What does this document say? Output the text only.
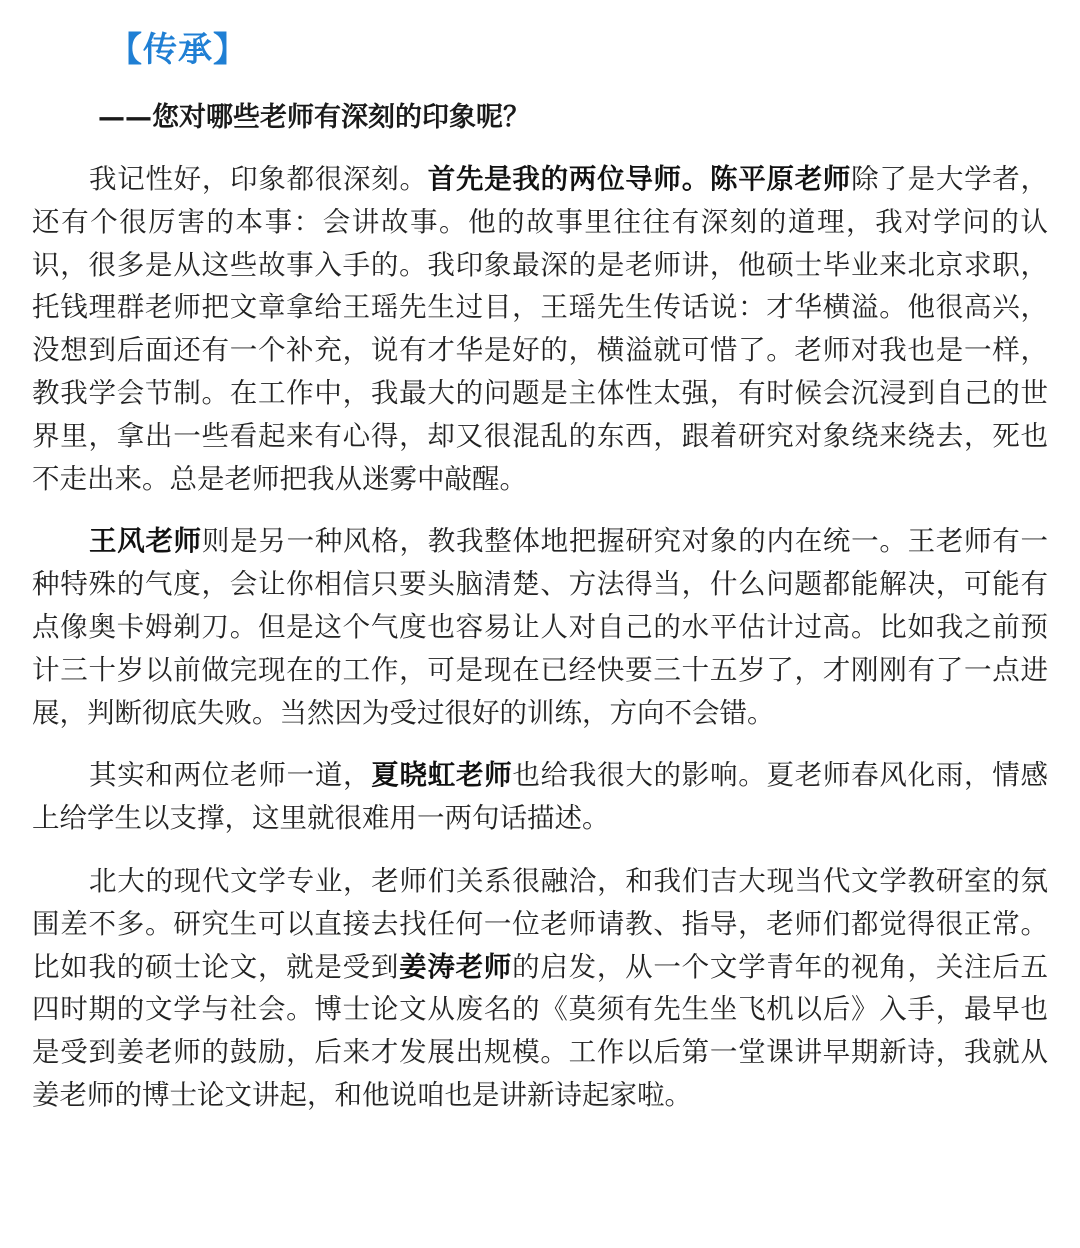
【传承】
——您对哪些老师有深刻的印象呢？

我记性好，印象都很深刻。首先是我的两位导师。陈平原老师除了是大学者，还有个很厉害的本事：会讲故事。他的故事里往往有深刻的道理，我对学问的认识，很多是从这些故事入手的。我印象最深的是老师讲，他硕士毕业来北京求职，托钱理群老师把文章拿给王瑶先生过目，王瑶先生传话说：才华横溢。他很高兴，没想到后面还有一个补充，说有才华是好的，横溢就可惜了。老师对我也是一样，教我学会节制。在工作中，我最大的问题是主体性太强，有时候会沉浸到自己的世界里，拿出一些看起来有心得，却又很混乱的东西，跟着研究对象绕来绕去，死也不走出来。总是老师把我从迷雾中敲醒。

王风老师则是另一种风格，教我整体地把握研究对象的内在统一。王老师有一种特殊的气度，会让你相信只要头脑清楚、方法得当，什么问题都能解决，可能有点像奥卡姆剃刀。但是这个气度也容易让人对自己的水平估计过高。比如我之前预计三十岁以前做完现在的工作，可是现在已经快要三十五岁了，才刚刚有了一点进展，判断彻底失败。当然因为受过很好的训练，方向不会错。

其实和两位老师一道，夏晓虹老师也给我很大的影响。夏老师春风化雨，情感上给学生以支撑，这里就很难用一两句话描述。

北大的现代文学专业，老师们关系很融洽，和我们吉大现当代文学教研室的氛围差不多。研究生可以直接去找任何一位老师请教、指导，老师们都觉得很正常。比如我的硕士论文，就是受到姜涛老师的启发，从一个文学青年的视角，关注后五四时期的文学与社会。博士论文从废名的《莫须有先生坐飞机以后》入手，最早也是受到姜老师的鼓励，后来才发展出规模。工作以后第一堂课讲早期新诗，我就从姜老师的博士论文讲起，和他说咱也是讲新诗起家啦。
